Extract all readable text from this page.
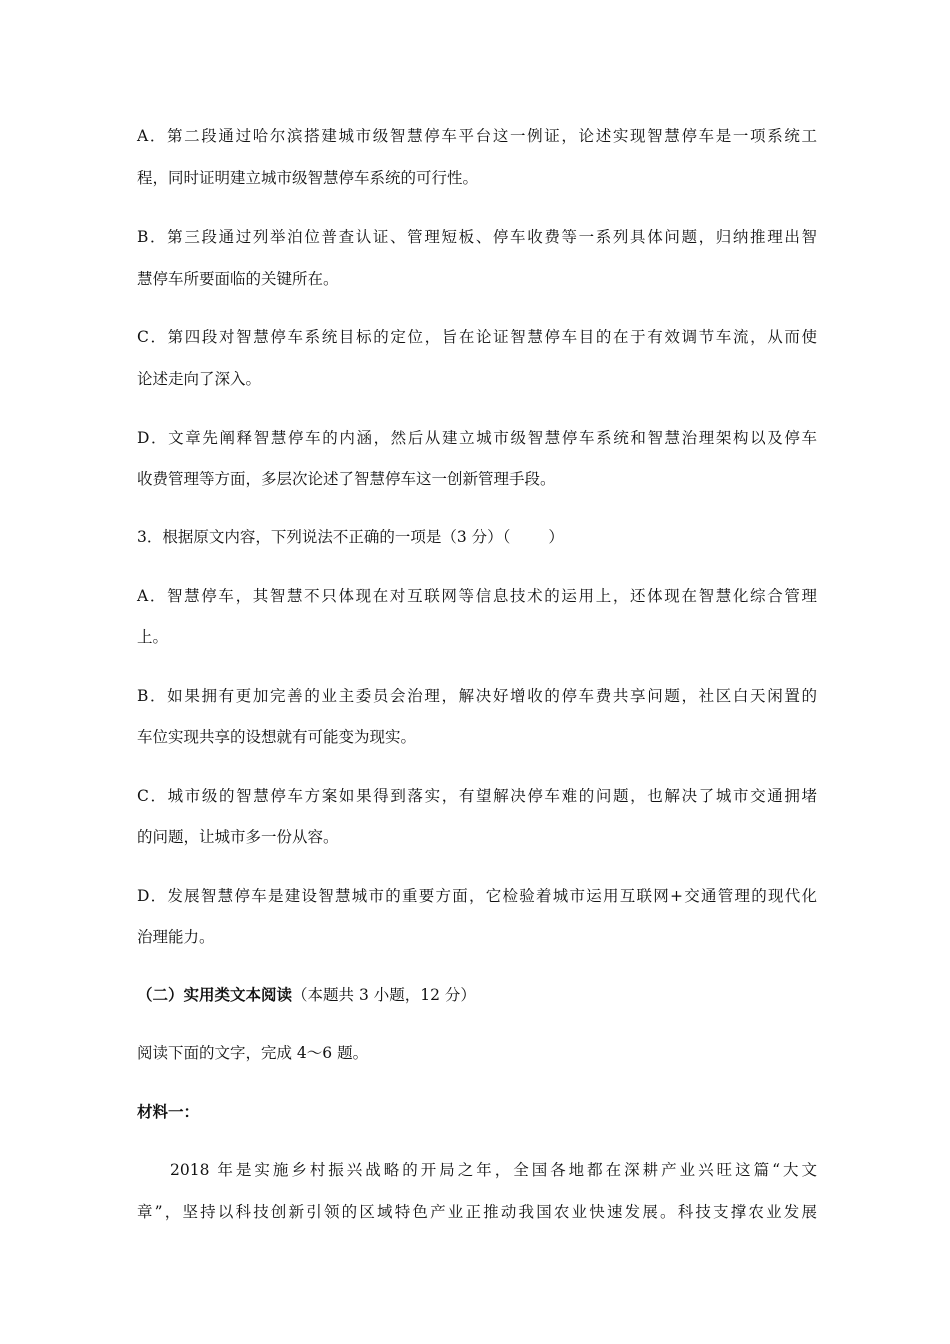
A．第二段通过哈尔滨搭建城市级智慧停车平台这一例证，论述实现智慧停车是一项系统工
程，同时证明建立城市级智慧停车系统的可行性。
B．第三段通过列举泊位普查认证、管理短板、停车收费等一系列具体问题，归纳推理出智
慧停车所要面临的关键所在。
C．第四段对智慧停车系统目标的定位，旨在论证智慧停车目的在于有效调节车流，从而使
论述走向了深入。
D．文章先阐释智慧停车的内涵，然后从建立城市级智慧停车系统和智慧治理架构以及停车
收费管理等方面，多层次论述了智慧停车这一创新管理手段。
3．根据原文内容，下列说法不正确的一项是（3 分）（ ）
A．智慧停车，其智慧不只体现在对互联网等信息技术的运用上，还体现在智慧化综合管理
上。
B．如果拥有更加完善的业主委员会治理，解决好增收的停车费共享问题，社区白天闲置的
车位实现共享的设想就有可能变为现实。
C．城市级的智慧停车方案如果得到落实，有望解决停车难的问题，也解决了城市交通拥堵
的问题，让城市多一份从容。
D．发展智慧停车是建设智慧城市的重要方面，它检验着城市运用互联网+交通管理的现代化
治理能力。
（二）实用类文本阅读（本题共 3 小题，12 分）
阅读下面的文字，完成 4～6 题。
材料一：
2018 年是实施乡村振兴战略的开局之年，全国各地都在深耕产业兴旺这篇“大文
章”，坚持以科技创新引领的区域特色产业正推动我国农业快速发展。科技支撑农业发展
